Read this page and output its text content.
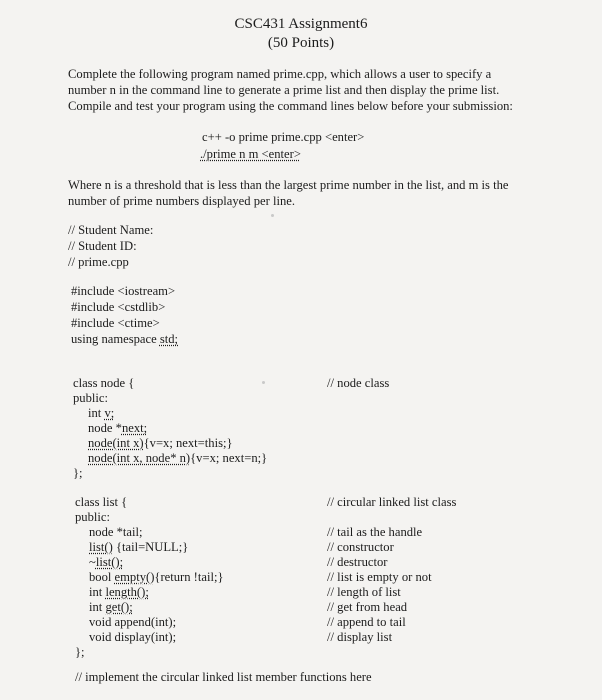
CSC431 Assignment6
(50 Points)
Complete the following program named prime.cpp, which allows a user to specify a
number n in the command line to generate a prime list and then display the prime list.
Compile and test your program using the command lines below before your submission:
c++ -o prime prime.cpp <enter>
./prime n m <enter>
Where n is a threshold that is less than the largest prime number in the list, and m is the
number of prime numbers displayed per line.
// Student Name:
// Student ID:
// prime.cpp
#include <iostream>
#include <cstdlib>
#include <ctime>
using namespace std;
class node {	// node class
public:
int v;
node *next;
node(int x){v=x; next=this;}
node(int x, node* n){v=x; next=n;}
};
class list {	// circular linked list class
public:
node *tail;	// tail as the handle
list() {tail=NULL;}	// constructor
~list();	// destructor
bool empty(){return !tail;}	// list is empty or not
int length();	// length of list
int get();	// get from head
void append(int);	// append to tail
void display(int);	// display list
};
// implement the circular linked list member functions here
